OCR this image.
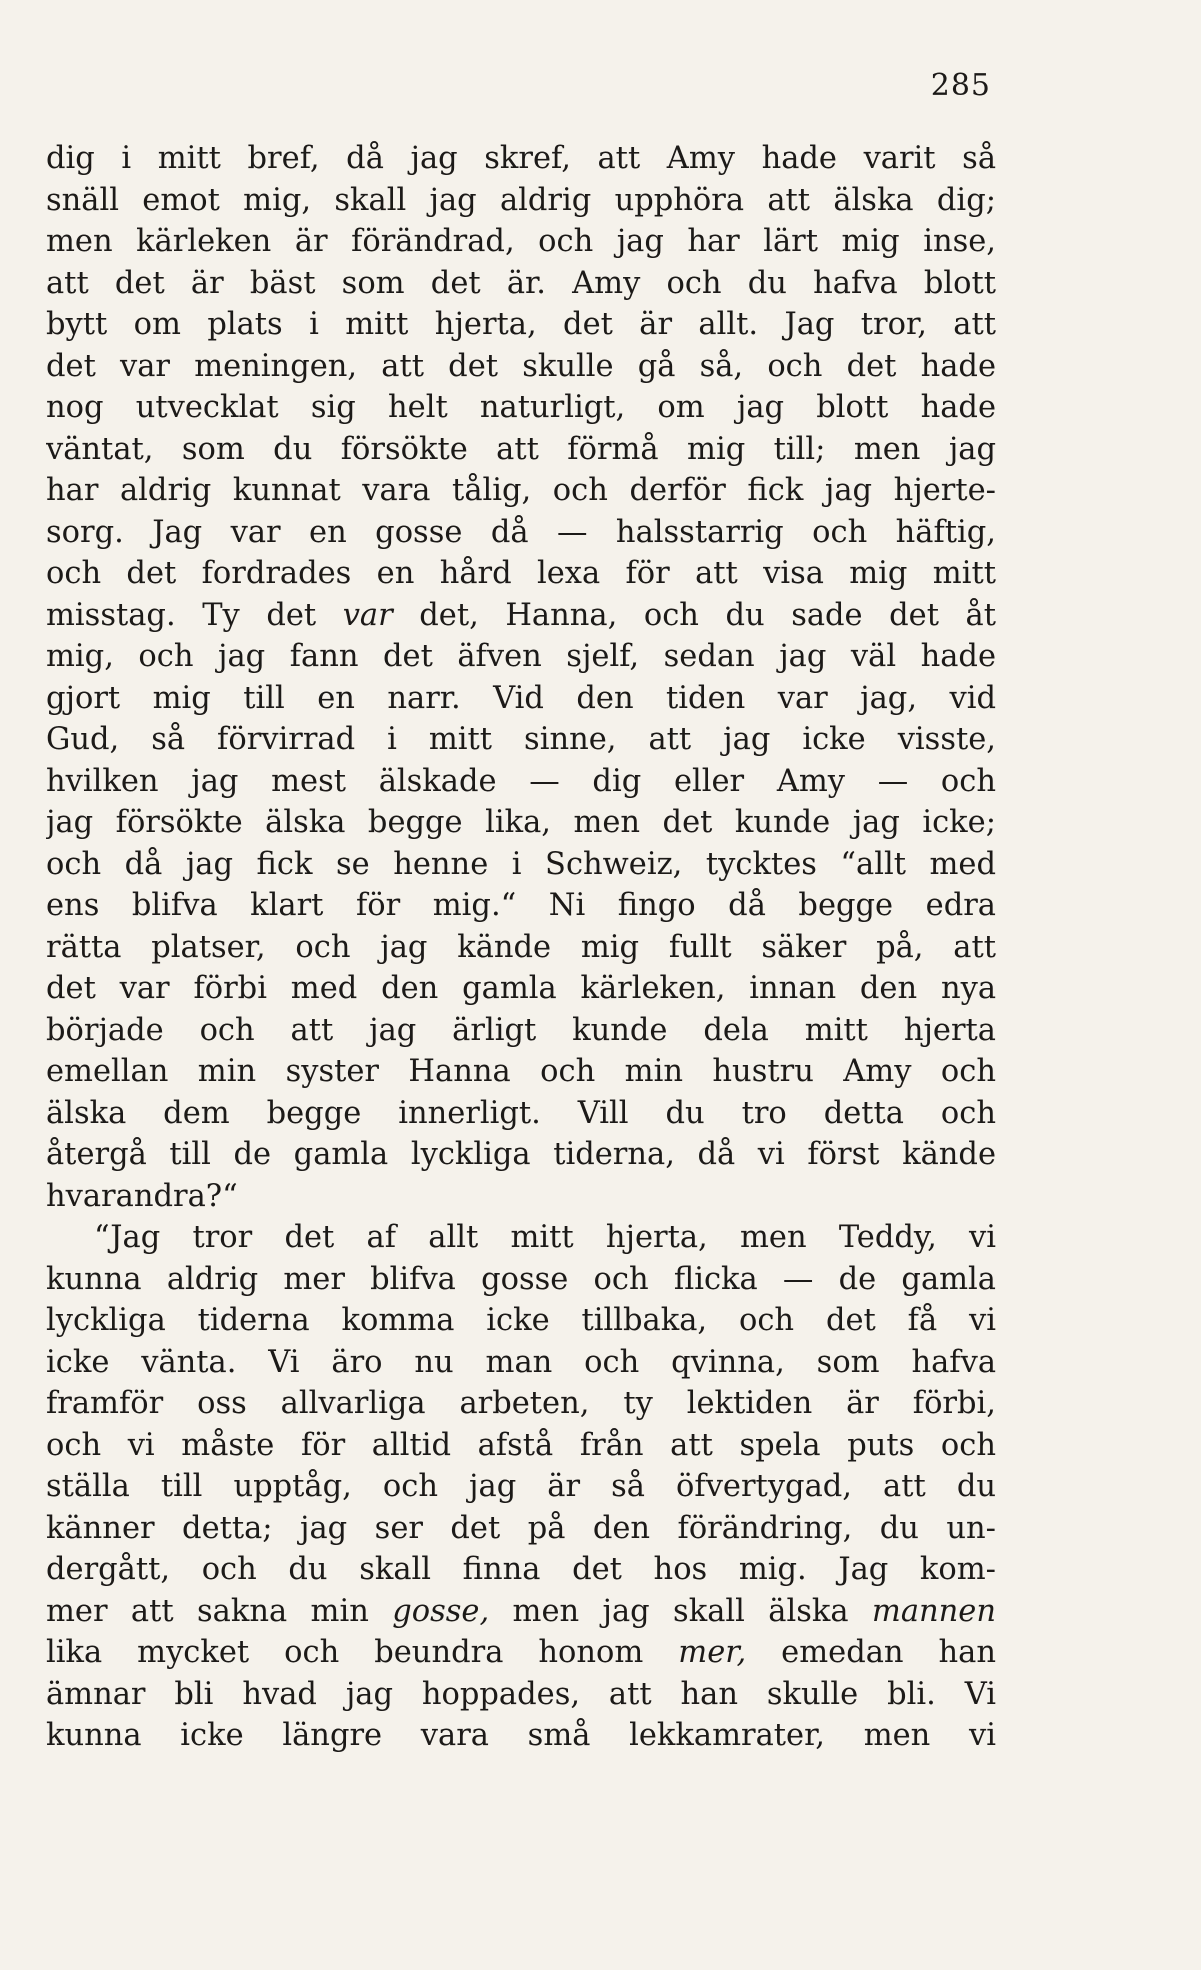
285
dig i mitt bref, då jag skref, att Amy hade varit så
snäll emot mig, skall jag aldrig upphöra att älska dig;
men kärleken är förändrad, och jag har lärt mig inse,
att det är bäst som det är. Amy och du hafva blott
bytt om plats i mitt hjerta, det är allt. Jag tror, att
det var meningen, att det skulle gå så, och det hade
nog utvecklat sig helt naturligt, om jag blott hade
väntat, som du försökte att förmå mig till; men jag
har aldrig kunnat vara tålig, och derför fick jag hjerte-
sorg. Jag var en gosse då — halsstarrig och häftig,
och det fordrades en hård lexa för att visa mig mitt
misstag. Ty det var det, Hanna, och du sade det åt
mig, och jag fann det äfven sjelf, sedan jag väl hade
gjort mig till en narr. Vid den tiden var jag, vid
Gud, så förvirrad i mitt sinne, att jag icke visste,
hvilken jag mest älskade — dig eller Amy — och
jag försökte älska begge lika, men det kunde jag icke;
och då jag fick se henne i Schweiz, tycktes “allt med
ens blifva klart för mig.“ Ni fingo då begge edra
rätta platser, och jag kände mig fullt säker på, att
det var förbi med den gamla kärleken, innan den nya
började och att jag ärligt kunde dela mitt hjerta
emellan min syster Hanna och min hustru Amy och
älska dem begge innerligt. Vill du tro detta och
återgå till de gamla lyckliga tiderna, då vi först kände
hvarandra?“
“Jag tror det af allt mitt hjerta, men Teddy, vi
kunna aldrig mer blifva gosse och flicka — de gamla
lyckliga tiderna komma icke tillbaka, och det få vi
icke vänta. Vi äro nu man och qvinna, som hafva
framför oss allvarliga arbeten, ty lektiden är förbi,
och vi måste för alltid afstå från att spela puts och
ställa till upptåg, och jag är så öfvertygad, att du
känner detta; jag ser det på den förändring, du un-
dergått, och du skall finna det hos mig. Jag kom-
mer att sakna min gosse, men jag skall älska mannen
lika mycket och beundra honom mer, emedan han
ämnar bli hvad jag hoppades, att han skulle bli. Vi
kunna icke längre vara små lekkamrater, men vi
